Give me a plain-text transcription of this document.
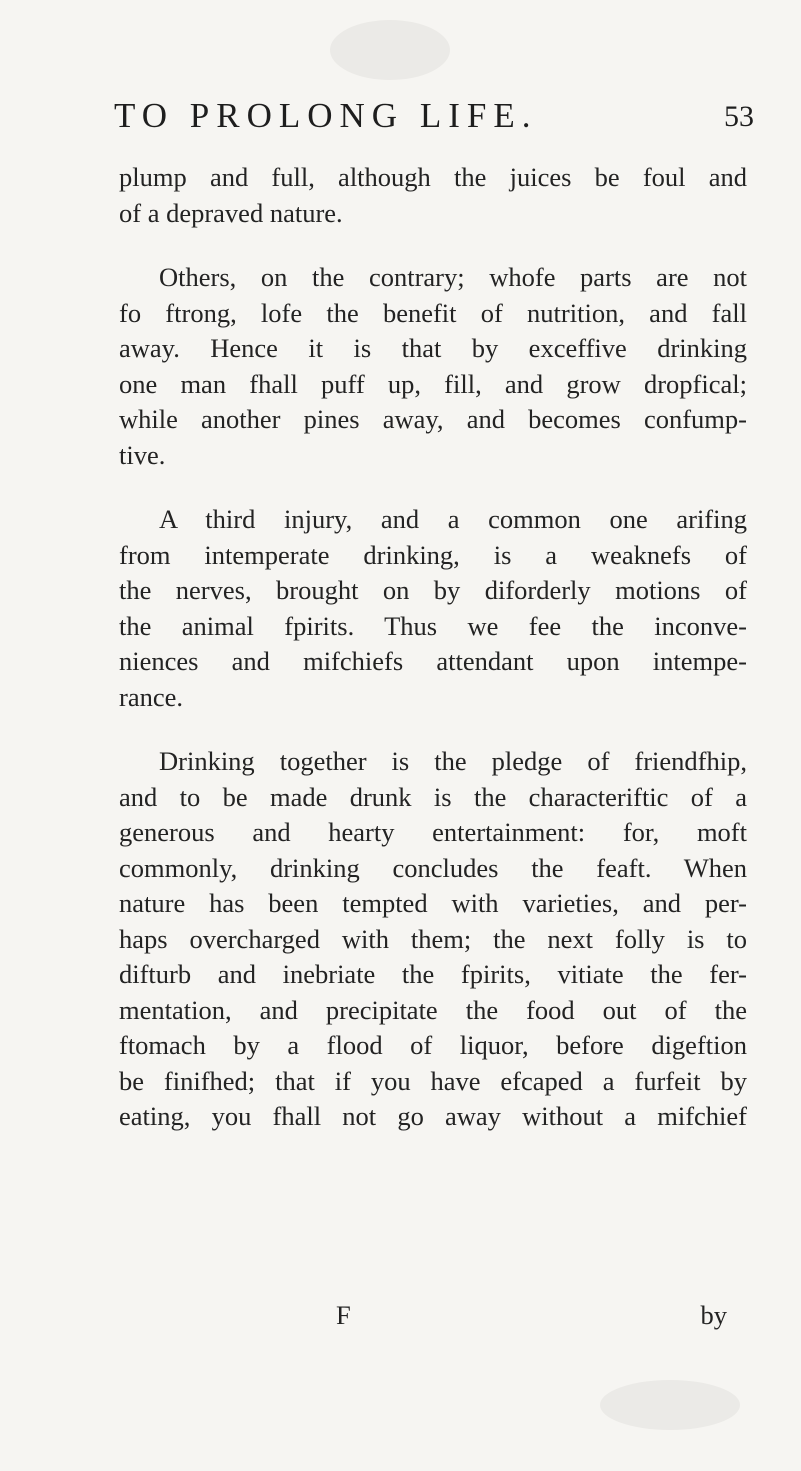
TO PROLONG LIFE.	53
plump and full, although the juices be foul and
of a depraved nature.
Others, on the contrary; whofe parts are not
fo ftrong, lofe the benefit of nutrition, and fall
away. Hence it is that by exceffive drinking
one man fhall puff up, fill, and grow dropfical;
while another pines away, and becomes confump-
tive.
A third injury, and a common one arifing
from intemperate drinking, is a weaknefs of
the nerves, brought on by diforderly motions of
the animal fpirits. Thus we fee the inconve-
niences and mifchiefs attendant upon intempe-
rance.
Drinking together is the pledge of friendfhip,
and to be made drunk is the characteriftic of a
generous and hearty entertainment: for, moft
commonly, drinking concludes the feaft. When
nature has been tempted with varieties, and per-
haps overcharged with them; the next folly is to
difturb and inebriate the fpirits, vitiate the fer-
mentation, and precipitate the food out of the
ftomach by a flood of liquor, before digeftion
be finifhed; that if you have efcaped a furfeit by
eating, you fhall not go away without a mifchief
F	by
